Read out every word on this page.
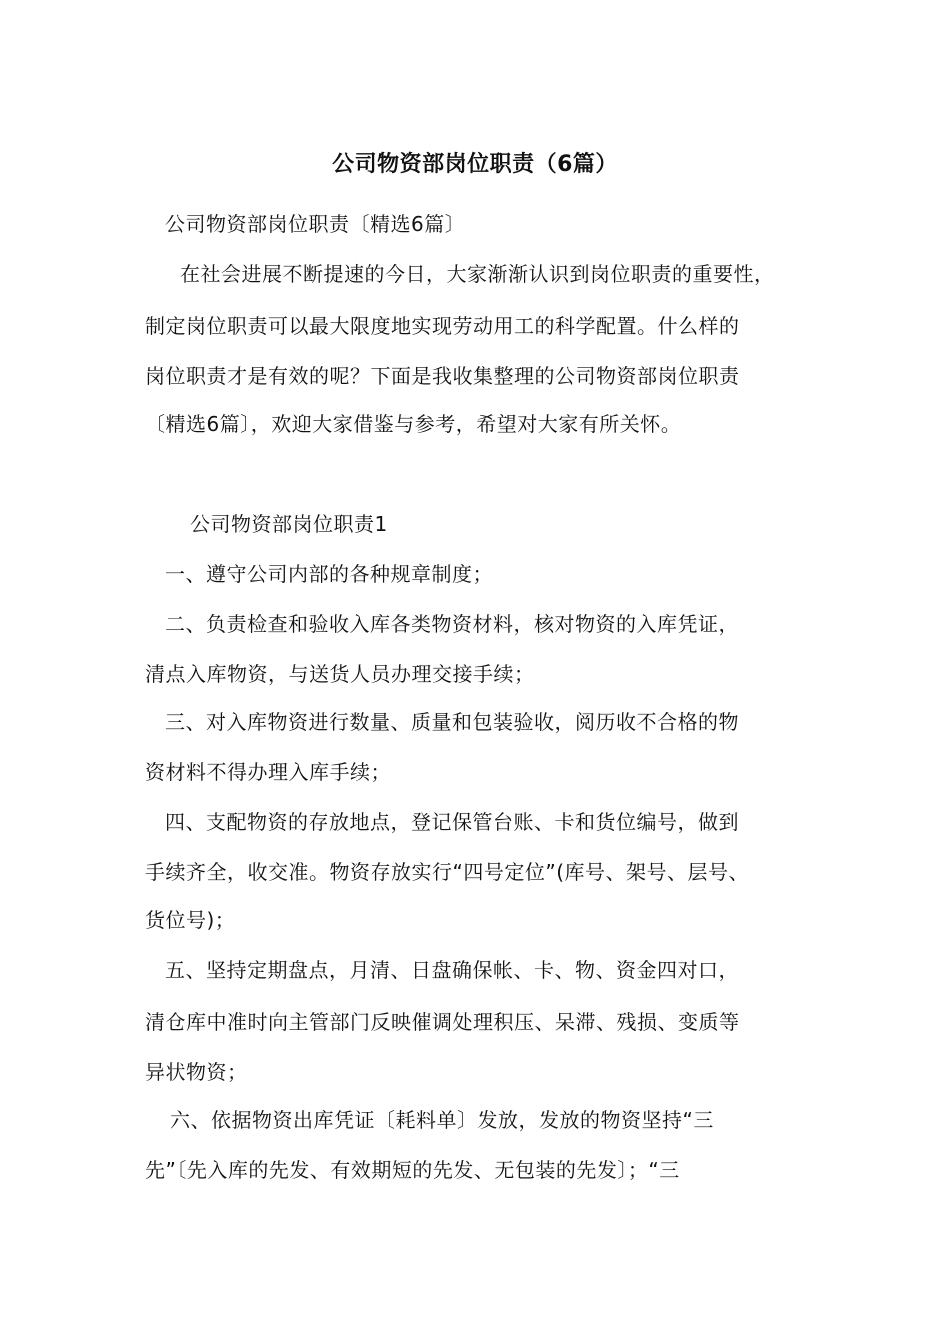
公司物资部岗位职责（6篇）
公司物资部岗位职责〔精选6篇〕
在社会进展不断提速的今日，大家渐渐认识到岗位职责的重要性，
制定岗位职责可以最大限度地实现劳动用工的科学配置。什么样的
岗位职责才是有效的呢？下面是我收集整理的公司物资部岗位职责
〔精选6篇〕，欢迎大家借鉴与参考，希望对大家有所关怀。
公司物资部岗位职责1
一、遵守公司内部的各种规章制度；
二、负责检查和验收入库各类物资材料，核对物资的入库凭证，
清点入库物资，与送货人员办理交接手续；
三、对入库物资进行数量、质量和包装验收，阅历收不合格的物
资材料不得办理入库手续；
四、支配物资的存放地点，登记保管台账、卡和货位编号，做到
手续齐全，收交准。物资存放实行“四号定位”(库号、架号、层号、
货位号)；
五、坚持定期盘点，月清、日盘确保帐、卡、物、资金四对口，
清仓库中准时向主管部门反映催调处理积压、呆滞、残损、变质等
异状物资；
六、依据物资出库凭证〔耗料单〕发放，发放的物资坚持“三
先”〔先入库的先发、有效期短的先发、无包装的先发〕；“三
